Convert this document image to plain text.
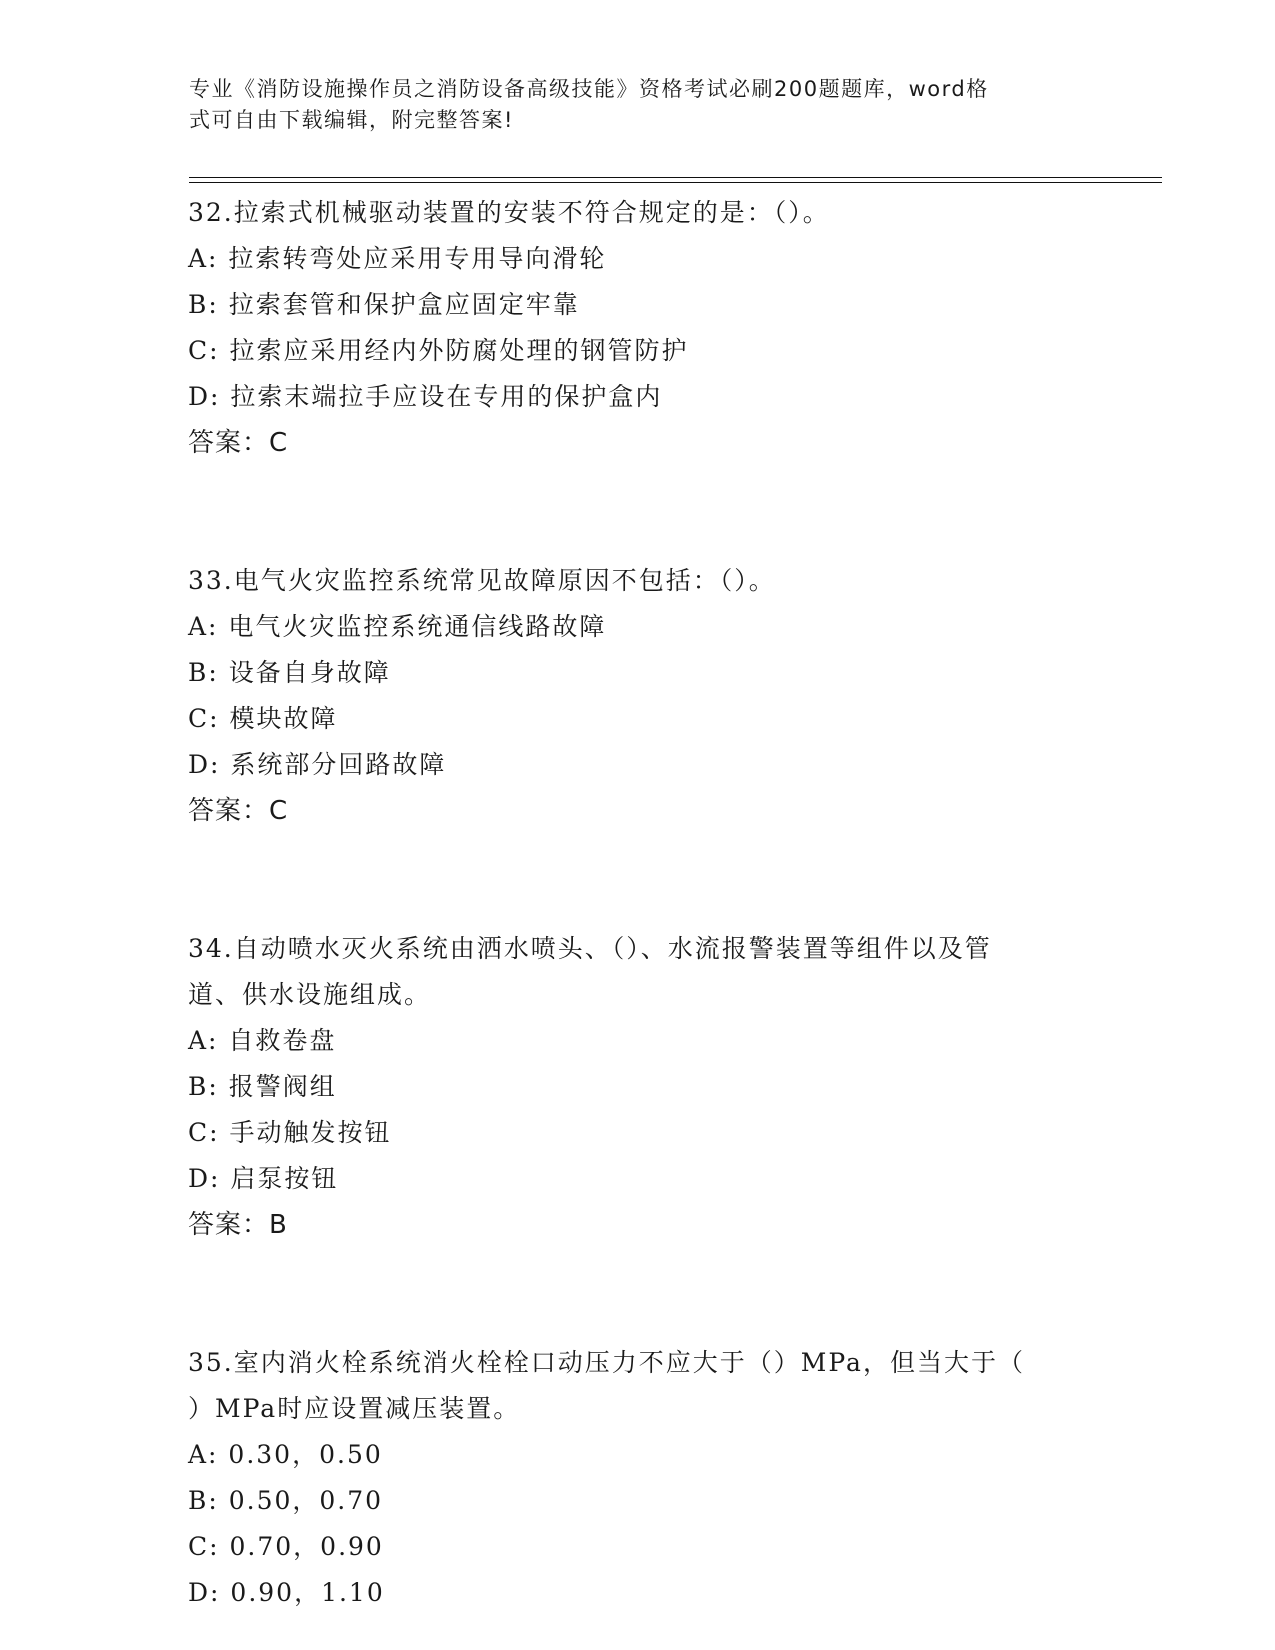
专业《消防设施操作员之消防设备高级技能》资格考试必刷200题题库，word格
式可自由下载编辑，附完整答案!

32.拉索式机械驱动装置的安装不符合规定的是：（）。

A: 拉索转弯处应采用专用导向滑轮

B: 拉索套管和保护盒应固定牢靠

C: 拉索应采用经内外防腐处理的钢管防护

D: 拉索末端拉手应设在专用的保护盒内

答案：C

33.电气火灾监控系统常见故障原因不包括：（）。

A: 电气火灾监控系统通信线路故障

B: 设备自身故障

C: 模块故障

D: 系统部分回路故障

答案：C

34.自动喷水灭火系统由洒水喷头、（）、水流报警装置等组件以及管

道、供水设施组成。

A: 自救卷盘

B: 报警阀组

C: 手动触发按钮

D: 启泵按钮

答案：B

35.室内消火栓系统消火栓栓口动压力不应大于（）MPa，但当大于（

）MPa时应设置减压装置。

A: 0.30，0.50

B: 0.50，0.70

C: 0.70，0.90

D: 0.90，1.10
